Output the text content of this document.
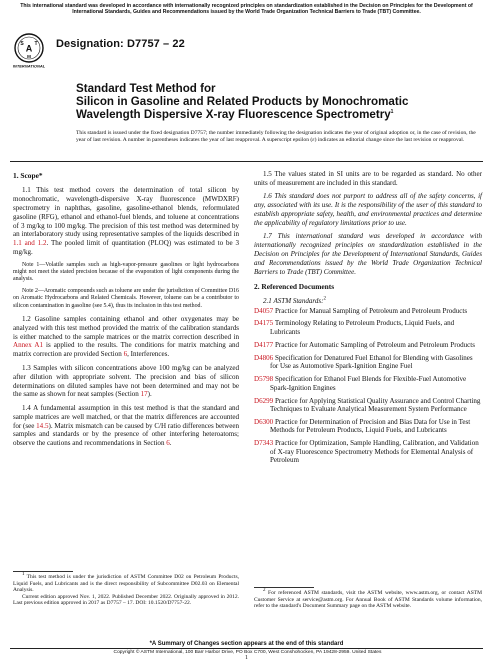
This international standard was developed in accordance with internationally recognized principles on standardization established in the Decision on Principles for the Development of International Standards, Guides and Recommendations issued by the World Trade Organization Technical Barriers to Trade (TBT) Committee.
A
S T
M
INTERNATIONAL
Designation: D7757 – 22
Standard Test Method for
Silicon in Gasoline and Related Products by Monochromatic
Wavelength Dispersive X-ray Fluorescence Spectrometry$^1$
This standard is issued under the fixed designation D7757; the number immediately following the designation indicates the year of original adoption or, in the case of revision, the year of last revision. A number in parentheses indicates the year of last reapproval. A superscript epsilon (ε) indicates an editorial change since the last revision or reapproval.
1. Scope*

1.1 This test method covers the determination of total silicon by monochromatic, wavelength-dispersive X-ray fluorescence (MWDXRF) spectrometry in naphthas, gasoline, gasoline-ethanol blends, reformulated gasoline (RFG), ethanol and ethanol-fuel blends, and toluene at concentrations of 3 mg/kg to 100 mg/kg. The precision of this test method was determined by an interlaboratory study using representative samples of the liquids described in 1.1 and 1.2. The pooled limit of quantitation (PLOQ) was estimated to be 3 mg/kg.

Note 1—Volatile samples such as high-vapor-pressure gasolines or light hydrocarbons might not meet the stated precision because of the evaporation of light components during the analysis.

Note 2—Aromatic compounds such as toluene are under the jurisdiction of Committee D16 on Aromatic Hydrocarbons and Related Chemicals. However, toluene can be a contributor to silicon contamination in gasoline (see 5.4), thus its inclusion in this test method.

1.2 Gasoline samples containing ethanol and other oxygenates may be analyzed with this test method provided the matrix of the calibration standards is either matched to the sample matrices or the matrix correction described in Annex A1 is applied to the results. The conditions for matrix matching and matrix correction are provided Section 6, Interferences.

1.3 Samples with silicon concentrations above 100 mg/kg can be analyzed after dilution with appropriate solvent. The precision and bias of silicon determinations on diluted samples have not been determined and may not be the same as shown for neat samples (Section 17).

1.4 A fundamental assumption in this test method is that the standard and sample matrices are well matched, or that the matrix differences are accounted for (see 14.5). Matrix mismatch can be caused by C/H ratio differences between samples and standards or by the presence of other interfering heteroatoms; observe the cautions and recommendations in Section 6.

1.5 The values stated in SI units are to be regarded as standard. No other units of measurement are included in this standard.

1.6 This standard does not purport to address all of the safety concerns, if any, associated with its use. It is the responsibility of the user of this standard to establish appropriate safety, health, and environmental practices and determine the applicability of regulatory limitations prior to use.

1.7 This international standard was developed in accordance with internationally recognized principles on standardization established in the Decision on Principles for the Development of International Standards, Guides and Recommendations issued by the World Trade Organization Technical Barriers to Trade (TBT) Committee.

2. Referenced Documents

2.1 ASTM Standards:$^2$

D4057 Practice for Manual Sampling of Petroleum and Petroleum Products

D4175 Terminology Relating to Petroleum Products, Liquid Fuels, and Lubricants

D4177 Practice for Automatic Sampling of Petroleum and Petroleum Products

D4806 Specification for Denatured Fuel Ethanol for Blending with Gasolines for Use as Automotive Spark-Ignition Engine Fuel

D5798 Specification for Ethanol Fuel Blends for Flexible-Fuel Automotive Spark-Ignition Engines

D6299 Practice for Applying Statistical Quality Assurance and Control Charting Techniques to Evaluate Analytical Measurement System Performance

D6300 Practice for Determination of Precision and Bias Data for Use in Test Methods for Petroleum Products, Liquid Fuels, and Lubricants

D7343 Practice for Optimization, Sample Handling, Calibration, and Validation of X-ray Fluorescence Spectrometry Methods for Elemental Analysis of Petroleum

1 This test method is under the jurisdiction of ASTM Committee D02 on Petroleum Products, Liquid Fuels, and Lubricants and is the direct responsibility of Subcommittee D02.03 on Elemental Analysis.
Current edition approved Nov. 1, 2022. Published December 2022. Originally approved in 2012. Last previous edition approved in 2017 as D7757 – 17. DOI: 10.1520/D7757-22.
2 For referenced ASTM standards, visit the ASTM website, www.astm.org, or contact ASTM Customer Service at service@astm.org. For Annual Book of ASTM Standards volume information, refer to the standard's Document Summary page on the ASTM website.
*A Summary of Changes section appears at the end of this standard
Copyright © ASTM International, 100 Barr Harbor Drive, PO Box C700, West Conshohocken, PA 19428-2959. United States
1
